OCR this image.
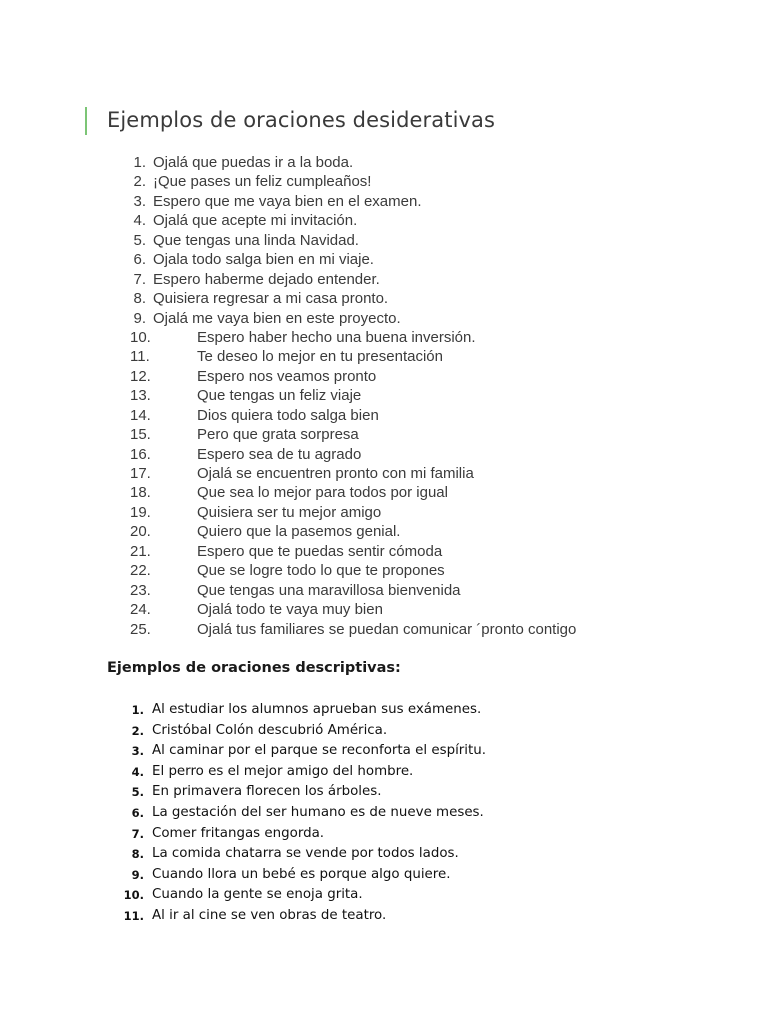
Ejemplos de oraciones desiderativas
1. Ojalá que puedas ir a la boda.
2. ¡Que pases un feliz cumpleaños!
3. Espero que me vaya bien en el examen.
4. Ojalá que acepte mi invitación.
5. Que tengas una linda Navidad.
6. Ojala todo salga bien en mi viaje.
7. Espero haberme dejado entender.
8. Quisiera regresar a mi casa pronto.
9. Ojalá me vaya bien en este proyecto.
10.	Espero haber hecho una buena inversión.
11.	Te deseo lo mejor en tu presentación
12.	Espero nos veamos pronto
13.	Que tengas un feliz viaje
14.	Dios quiera todo salga bien
15.	Pero que grata sorpresa
16.	Espero sea de tu agrado
17.	Ojalá se encuentren pronto con mi familia
18.	Que sea lo mejor para todos por igual
19.	Quisiera ser tu mejor amigo
20.	Quiero que la pasemos genial.
21.	Espero que te puedas sentir cómoda
22.	Que se logre todo lo que te propones
23.	Que tengas una maravillosa bienvenida
24.	Ojalá todo te vaya muy bien
25.	Ojalá tus familiares se puedan comunicar ´pronto contigo
Ejemplos de oraciones descriptivas:
1. Al estudiar los alumnos aprueban sus exámenes.
2. Cristóbal Colón descubrió América.
3. Al caminar por el parque se reconforta el espíritu.
4. El perro es el mejor amigo del hombre.
5. En primavera florecen los árboles.
6. La gestación del ser humano es de nueve meses.
7. Comer fritangas engorda.
8. La comida chatarra se vende por todos lados.
9. Cuando llora un bebé es porque algo quiere.
10. Cuando la gente se enoja grita.
11. Al ir al cine se ven obras de teatro.
